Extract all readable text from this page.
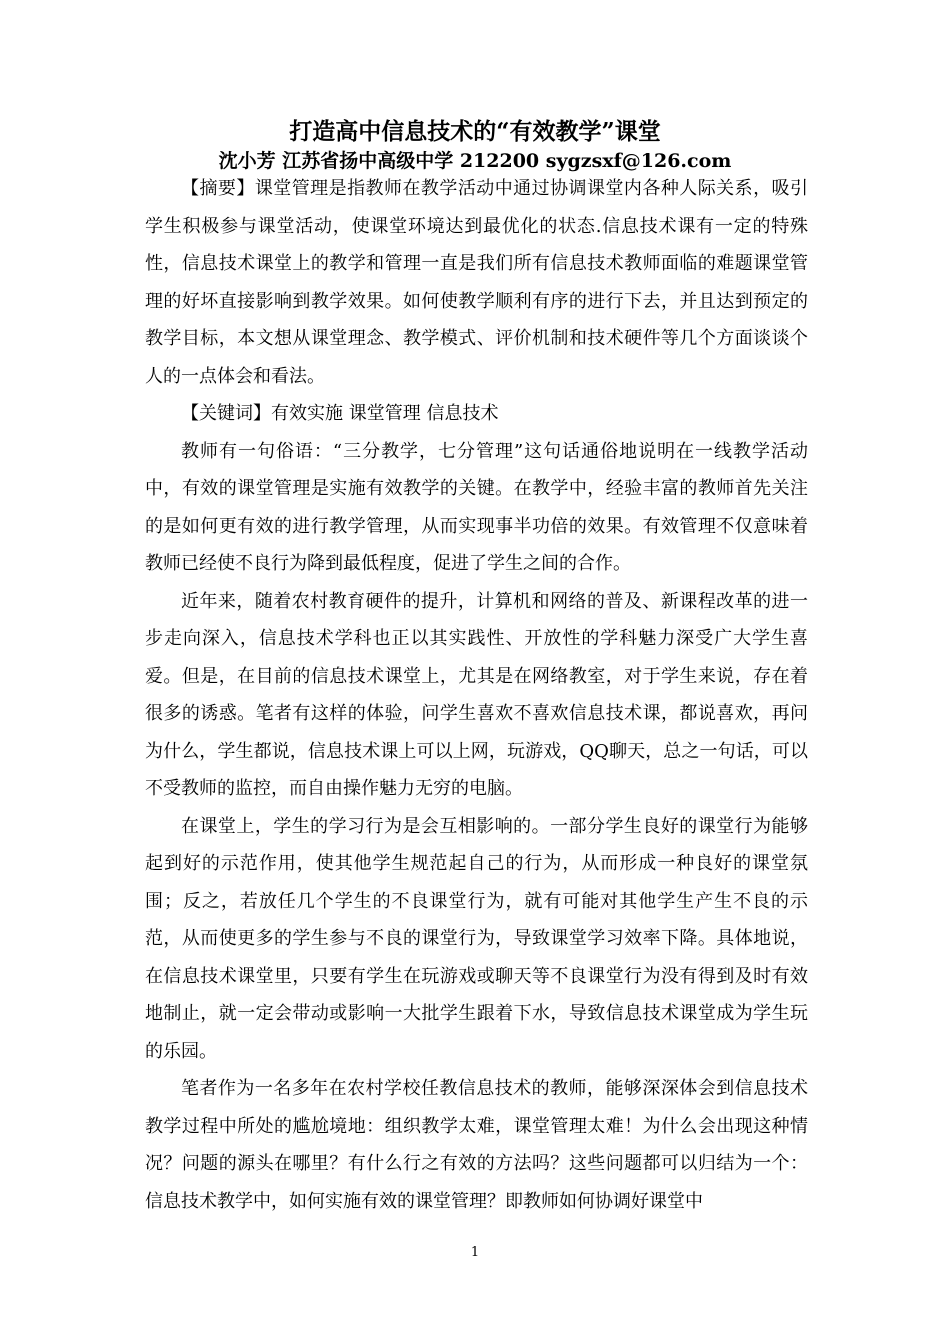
打造高中信息技术的“有效教学”课堂
沈小芳 江苏省扬中高级中学 212200 sygzsxf@126.com

【摘要】课堂管理是指教师在教学活动中通过协调课堂内各种人际关系，吸引学生积极参与课堂活动，使课堂环境达到最优化的状态.信息技术课有一定的特殊性，信息技术课堂上的教学和管理一直是我们所有信息技术教师面临的难题课堂管理的好坏直接影响到教学效果。如何使教学顺利有序的进行下去，并且达到预定的教学目标，本文想从课堂理念、教学模式、评价机制和技术硬件等几个方面谈谈个人的一点体会和看法。

【关键词】有效实施 课堂管理 信息技术

教师有一句俗语：“三分教学，七分管理”这句话通俗地说明在一线教学活动中，有效的课堂管理是实施有效教学的关键。在教学中，经验丰富的教师首先关注的是如何更有效的进行教学管理，从而实现事半功倍的效果。有效管理不仅意味着教师已经使不良行为降到最低程度，促进了学生之间的合作。

近年来，随着农村教育硬件的提升，计算机和网络的普及、新课程改革的进一步走向深入，信息技术学科也正以其实践性、开放性的学科魅力深受广大学生喜爱。但是，在目前的信息技术课堂上，尤其是在网络教室，对于学生来说，存在着很多的诱惑。笔者有这样的体验，问学生喜欢不喜欢信息技术课，都说喜欢，再问为什么，学生都说，信息技术课上可以上网，玩游戏，QQ聊天，总之一句话，可以不受教师的监控，而自由操作魅力无穷的电脑。

在课堂上，学生的学习行为是会互相影响的。一部分学生良好的课堂行为能够起到好的示范作用，使其他学生规范起自己的行为，从而形成一种良好的课堂氛围；反之，若放任几个学生的不良课堂行为，就有可能对其他学生产生不良的示范，从而使更多的学生参与不良的课堂行为，导致课堂学习效率下降。具体地说，在信息技术课堂里，只要有学生在玩游戏或聊天等不良课堂行为没有得到及时有效地制止，就一定会带动或影响一大批学生跟着下水，导致信息技术课堂成为学生玩的乐园。

笔者作为一名多年在农村学校任教信息技术的教师，能够深深体会到信息技术教学过程中所处的尴尬境地：组织教学太难，课堂管理太难！为什么会出现这种情况？问题的源头在哪里？有什么行之有效的方法吗？这些问题都可以归结为一个：信息技术教学中，如何实施有效的课堂管理？即教师如何协调好课堂中

1
